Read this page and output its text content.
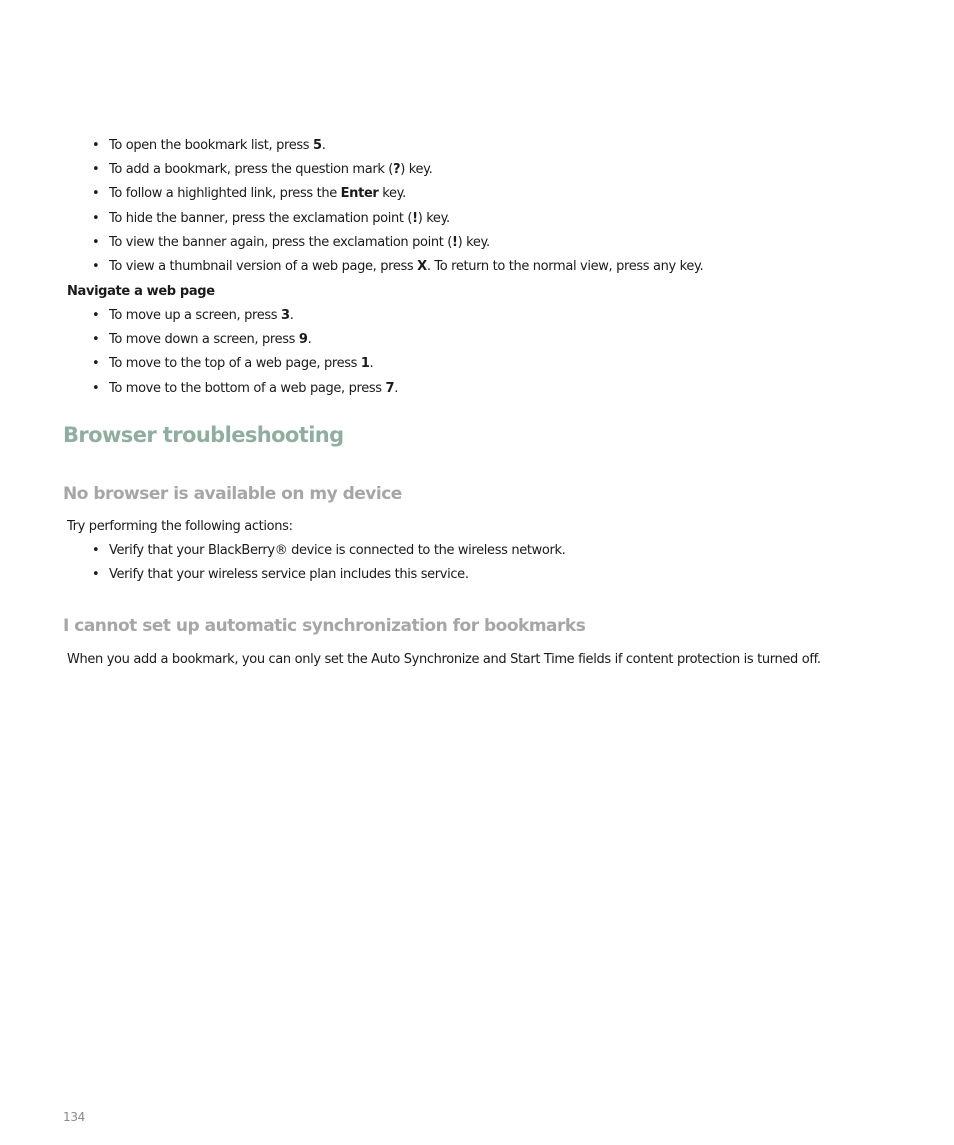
• To open the bookmark list, press 5.
• To add a bookmark, press the question mark (?) key.
• To follow a highlighted link, press the Enter key.
• To hide the banner, press the exclamation point (!) key.
• To view the banner again, press the exclamation point (!) key.
• To view a thumbnail version of a web page, press X. To return to the normal view, press any key.
Navigate a web page
• To move up a screen, press 3.
• To move down a screen, press 9.
• To move to the top of a web page, press 1.
• To move to the bottom of a web page, press 7.
Browser troubleshooting
No browser is available on my device

Try performing the following actions:

• Verify that your BlackBerry® device is connected to the wireless network.
• Verify that your wireless service plan includes this service.
I cannot set up automatic synchronization for bookmarks

When you add a bookmark, you can only set the Auto Synchronize and Start Time fields if content protection is turned off.

134
